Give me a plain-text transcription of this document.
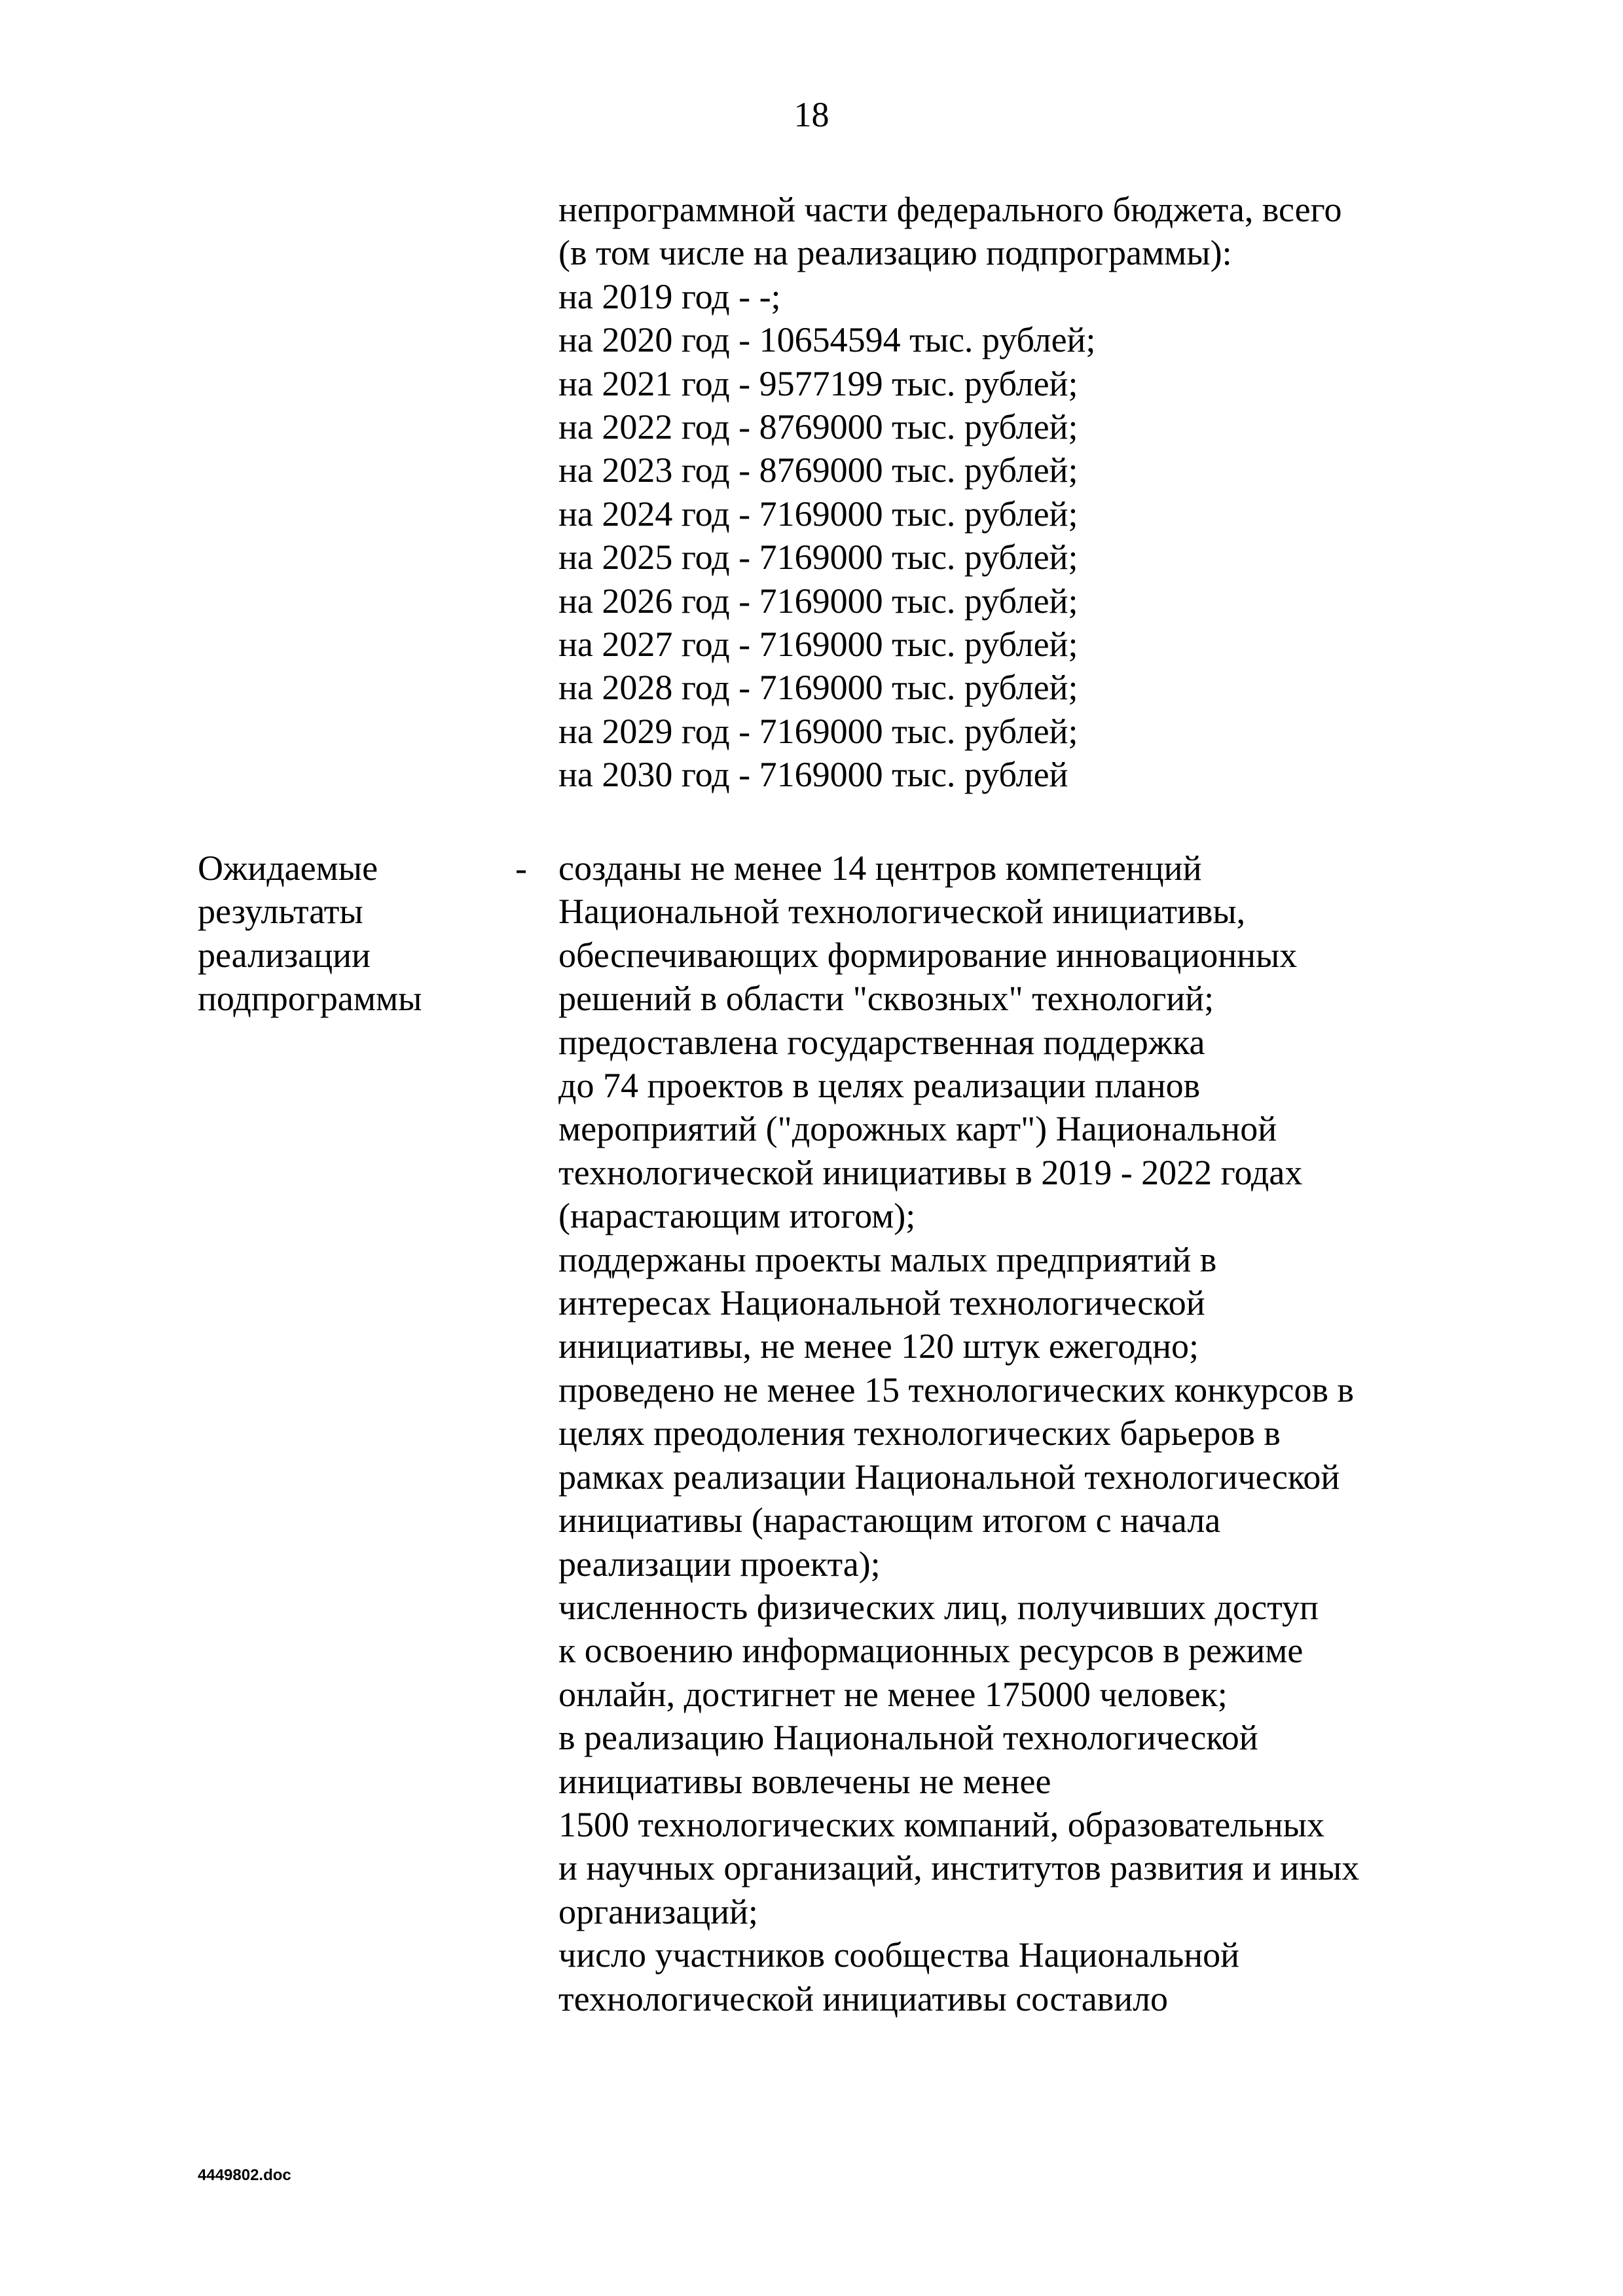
18
непрограммной части федерального бюджета, всего
(в том числе на реализацию подпрограммы):
на 2019 год - -;
на 2020 год - 10654594 тыс. рублей;
на 2021 год - 9577199 тыс. рублей;
на 2022 год - 8769000 тыс. рублей;
на 2023 год - 8769000 тыс. рублей;
на 2024 год - 7169000 тыс. рублей;
на 2025 год - 7169000 тыс. рублей;
на 2026 год - 7169000 тыс. рублей;
на 2027 год - 7169000 тыс. рублей;
на 2028 год - 7169000 тыс. рублей;
на 2029 год - 7169000 тыс. рублей;
на 2030 год - 7169000 тыс. рублей
Ожидаемые
результаты
реализации
подпрограммы
- созданы не менее 14 центров компетенций
Национальной технологической инициативы,
обеспечивающих формирование инновационных
решений в области "сквозных" технологий;
предоставлена государственная поддержка
до 74 проектов в целях реализации планов
мероприятий ("дорожных карт") Национальной
технологической инициативы в 2019 - 2022 годах
(нарастающим итогом);
поддержаны проекты малых предприятий в
интересах Национальной технологической
инициативы, не менее 120 штук ежегодно;
проведено не менее 15 технологических конкурсов в
целях преодоления технологических барьеров в
рамках реализации Национальной технологической
инициативы (нарастающим итогом с начала
реализации проекта);
численность физических лиц, получивших доступ
к освоению информационных ресурсов в режиме
онлайн, достигнет не менее 175000 человек;
в реализацию Национальной технологической
инициативы вовлечены не менее
1500 технологических компаний, образовательных
и научных организаций, институтов развития и иных
организаций;
число участников сообщества Национальной
технологической инициативы составило
4449802.doc
